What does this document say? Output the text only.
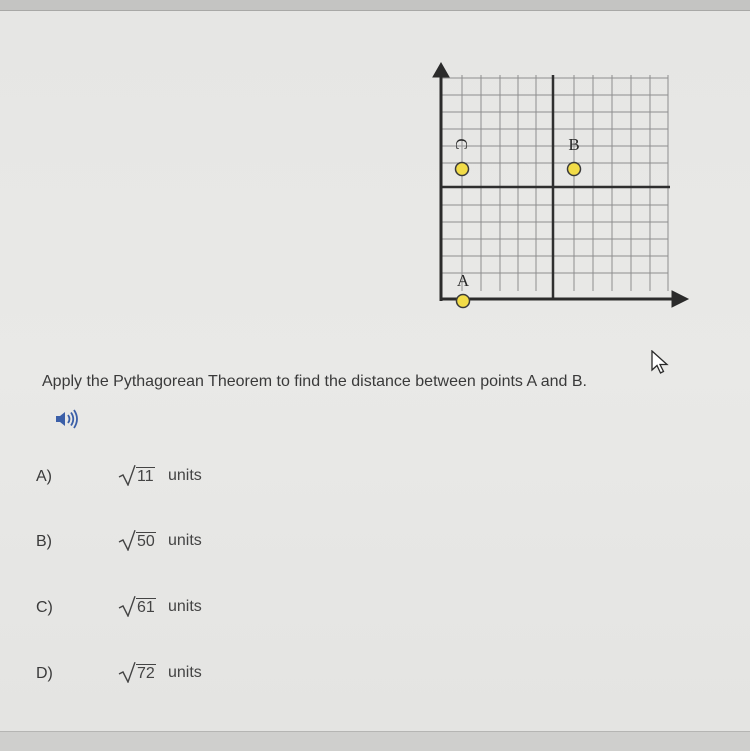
C	B
A

Apply the Pythagorean Theorem to find the distance between points A and B.

A)	11 units
B)	50 units
C)	61 units
D)	72 units
